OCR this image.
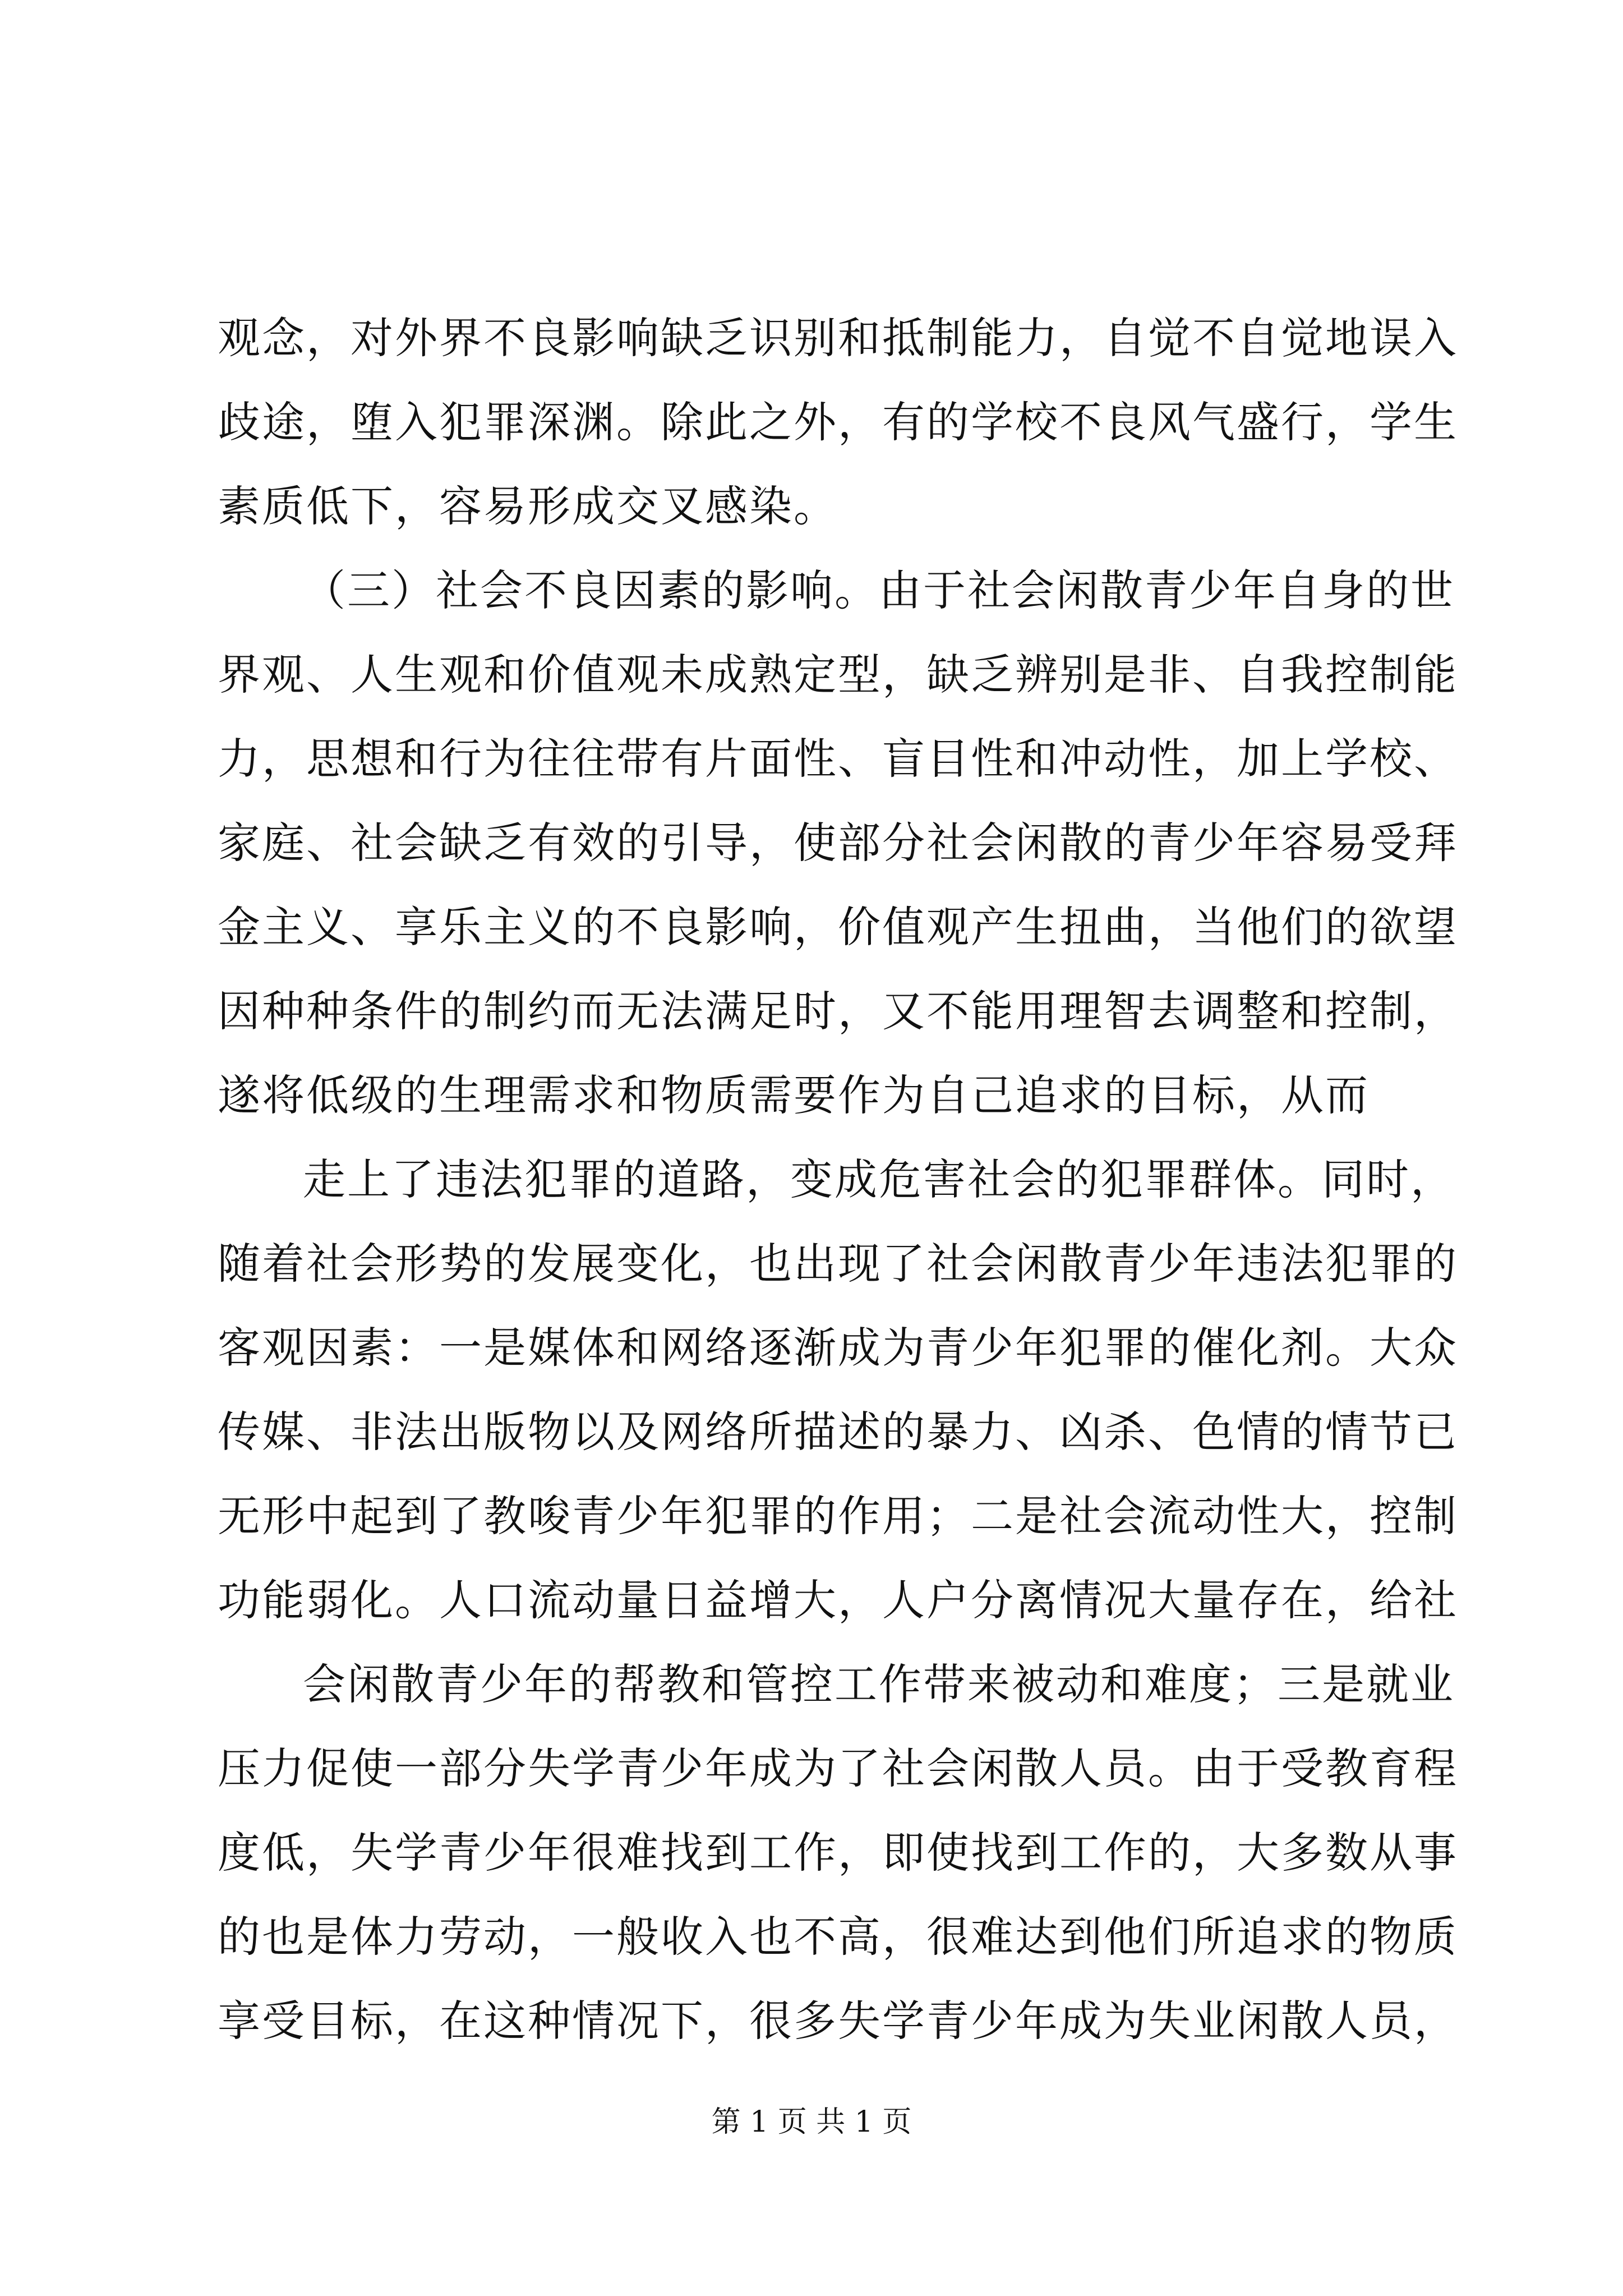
观念，对外界不良影响缺乏识别和抵制能力，自觉不自觉地误入
歧途，堕入犯罪深渊。除此之外，有的学校不良风气盛行，学生
素质低下，容易形成交叉感染。
（三）社会不良因素的影响。由于社会闲散青少年自身的世
界观、人生观和价值观未成熟定型，缺乏辨别是非、自我控制能
力，思想和行为往往带有片面性、盲目性和冲动性，加上学校、
家庭、社会缺乏有效的引导，使部分社会闲散的青少年容易受拜
金主义、享乐主义的不良影响，价值观产生扭曲，当他们的欲望
因种种条件的制约而无法满足时，又不能用理智去调整和控制，
遂将低级的生理需求和物质需要作为自己追求的目标，从而
走上了违法犯罪的道路，变成危害社会的犯罪群体。同时，
随着社会形势的发展变化，也出现了社会闲散青少年违法犯罪的
客观因素：一是媒体和网络逐渐成为青少年犯罪的催化剂。大众
传媒、非法出版物以及网络所描述的暴力、凶杀、色情的情节已
无形中起到了教唆青少年犯罪的作用；二是社会流动性大，控制
功能弱化。人口流动量日益增大，人户分离情况大量存在，给社
会闲散青少年的帮教和管控工作带来被动和难度；三是就业
压力促使一部分失学青少年成为了社会闲散人员。由于受教育程
度低，失学青少年很难找到工作，即使找到工作的，大多数从事
的也是体力劳动，一般收入也不高，很难达到他们所追求的物质
享受目标，在这种情况下，很多失学青少年成为失业闲散人员，
第 1 页 共 1 页
